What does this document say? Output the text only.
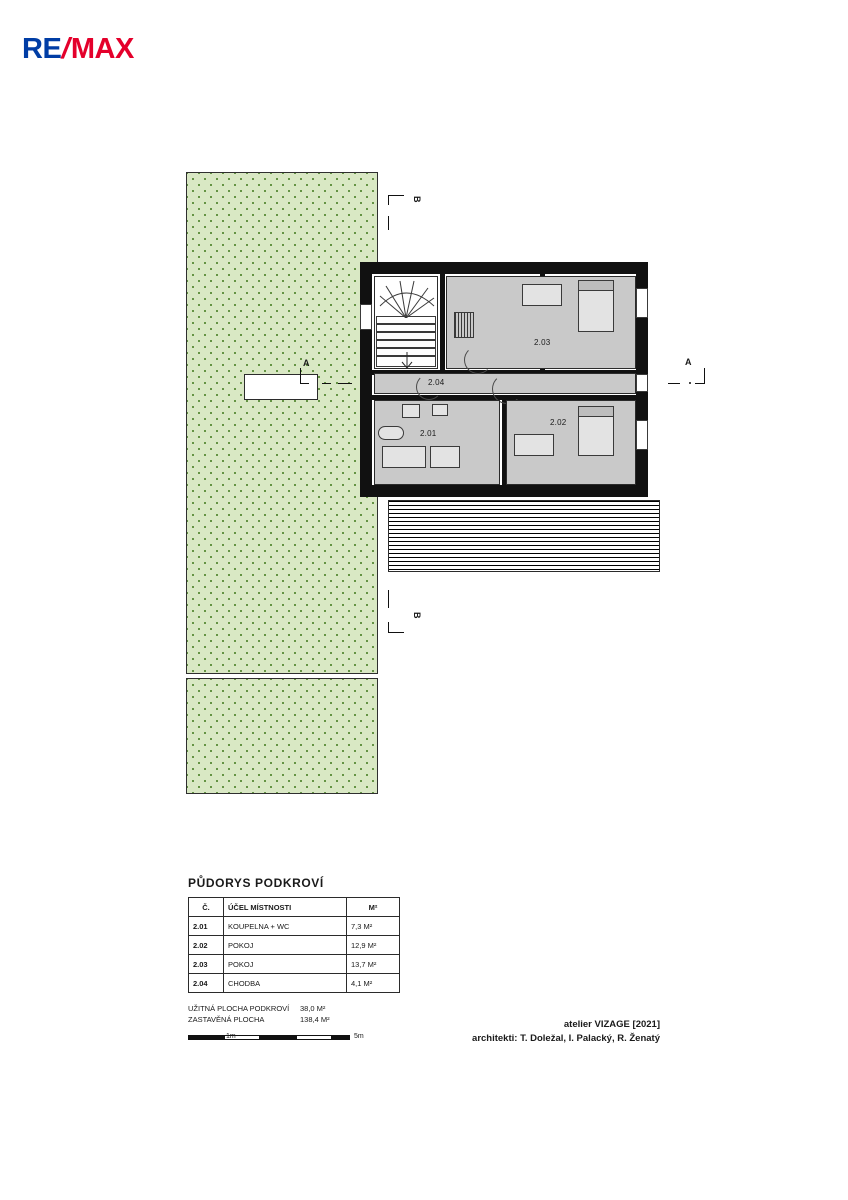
RE
/
MAX
A	A
B
B
2.03
2.04
2.02
2.01
PŮDORYS PODKROVÍ
Č.	ÚČEL MÍSTNOSTI	M²
2.01	KOUPELNA + WC	7,3 M²
2.02	POKOJ	12,9 M²
2.03	POKOJ	13,7 M²
2.04	CHODBA	4,1 M²
UŽITNÁ PLOCHA PODKROVÍ	38,0 M²
ZASTAVĚNÁ PLOCHA	138,4 M²
1m	5m
atelier VIZAGE [2021]
architekti: T. Doležal, I. Palacký, R. Ženatý
